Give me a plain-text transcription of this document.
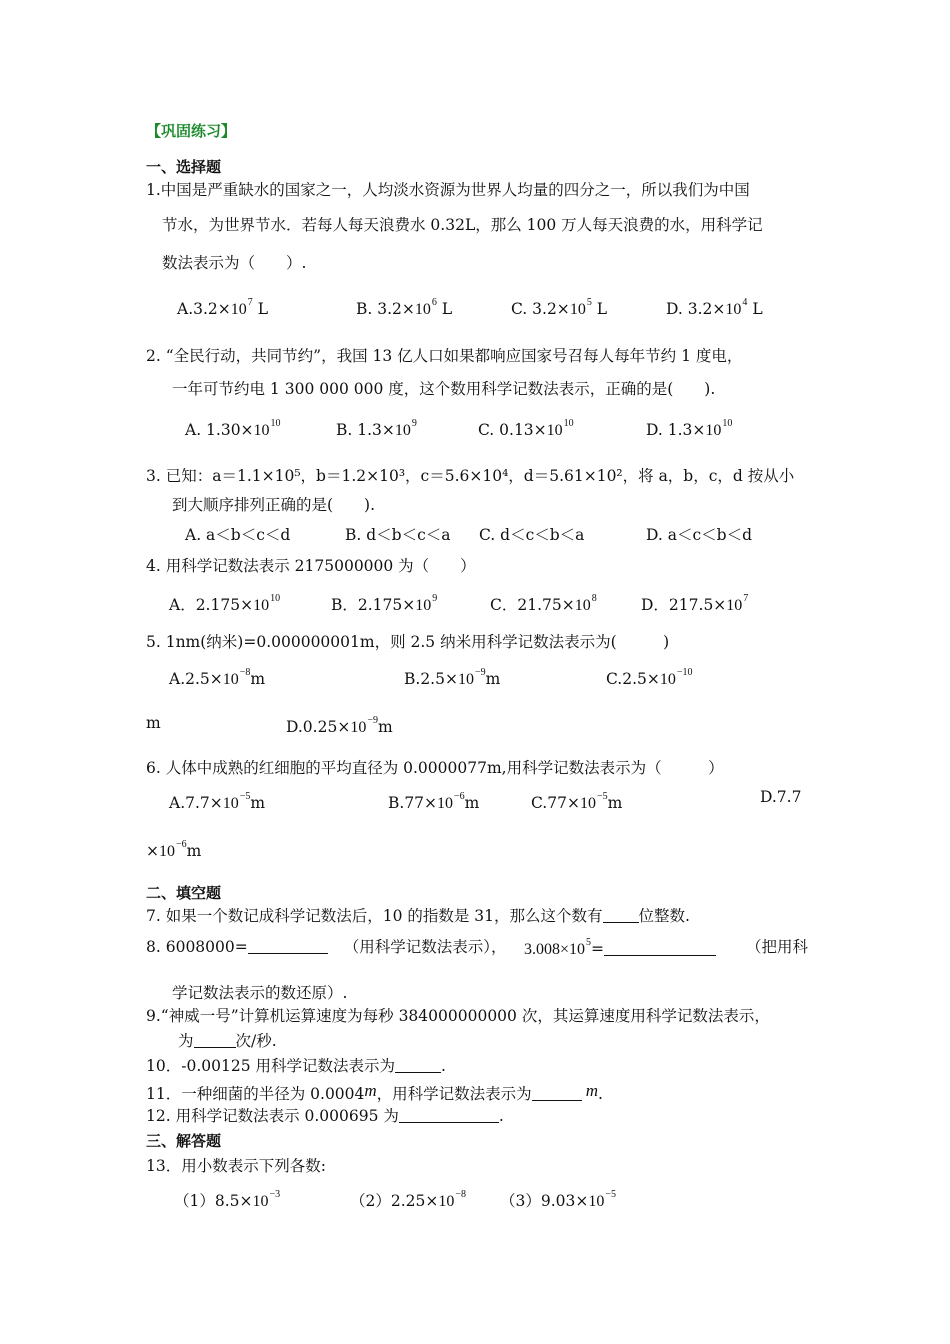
【巩固练习】
一、选择题
1.中国是严重缺水的国家之一，人均淡水资源为世界人均量的四分之一，所以我们为中国
节水，为世界节水．若每人每天浪费水 0.32L，那么 100 万人每天浪费的水，用科学记
数法表示为（　　）.
$A.3.2\times 10^7$ L	B. $3.2\times 10^6$ L	C. $3.2\times 10^5$ L	D. $3.2\times 10^4$ L
2. “全民行动，共同节约”，我国 13 亿人口如果都响应国家号召每人每年节约 1 度电，
一年可节约电 1 300 000 000 度，这个数用科学记数法表示，正确的是(　　).
A. $1.30\times 10^{10}$	B. $1.3\times 10^9$	C. $0.13\times 10^{10}$	D. $1.3\times 10^{10}$
3. 已知：a＝1.1×10⁵，b＝1.2×10³，c＝5.6×10⁴，d＝5.61×10²，将 a，b，c，d 按从小
到大顺序排列正确的是(　　).
A. a＜b＜c＜d	B. d＜b＜c＜a C. d＜c＜b＜a	D. a＜c＜b＜d
4. 用科学记数法表示 2175000000 为（　　）
A．$2.175\times 10^{10}$	B．$2.175\times 10^9$	C．$21.75\times 10^8$	D．$217.5\times 10^7$
5. 1nm(纳米)=0.000000001m，则 2.5 纳米用科学记数法表示为(　　　)
$A.2.5\times 10^{-8}m$	$B.2.5\times 10^{-9}m$	$C.2.5\times 10^{-10}$
m	$D.0.25\times 10^{-9}m$
6. 人体中成熟的红细胞的平均直径为 0.0000077m,用科学记数法表示为（　　　）
$A.7.7\times 10^{-5}m$	$B.77\times 10^{-6}m$	$C.77\times 10^{-5}m$	D.7.7
$\times 10^{-6}m$
二、填空题
7. 如果一个数记成科学记数法后，10 的指数是 31，那么这个数有 位整数.
8. 6008000=	（用科学记数法表示）， $3.008\times 10^5=$	（把用科
学记数法表示的数还原）.
9.“神威一号”计算机运算速度为每秒 384000000000 次，其运算速度用科学记数法表示，
为	次/秒.
10．-0.00125 用科学记数法表示为	.
11．一种细菌的半径为 0.0004m，用科学记数法表示为	m.
12. 用科学记数法表示 0.000695 为	.
三、解答题
13．用小数表示下列各数:
$(1)8.5\times 10^{-3}$	$(2)2.25\times 10^{-8}$ $(3)9.03\times 10^{-5}$
